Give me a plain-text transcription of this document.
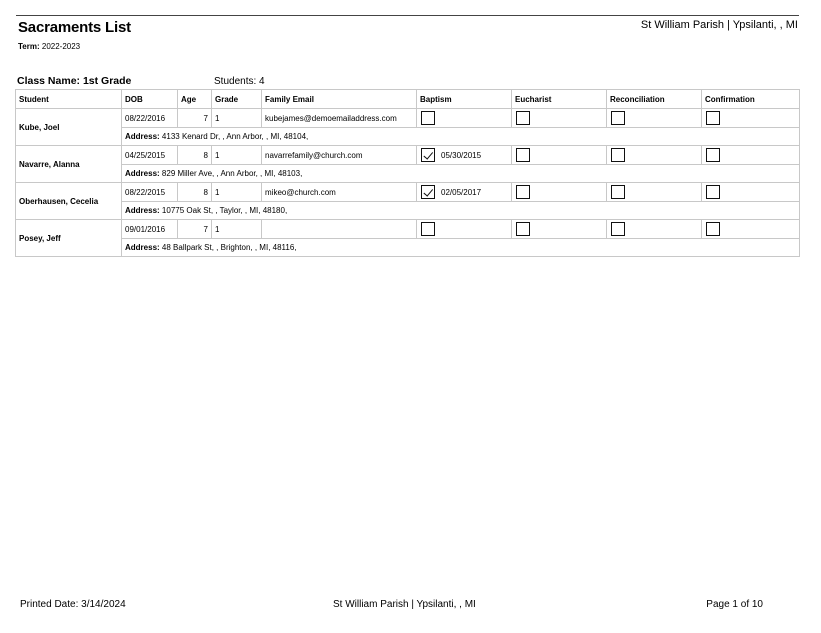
Sacraments List	St William Parish | Ypsilanti, , MI
Term: 2022-2023
Class Name: 1st Grade	Students: 4
Student	DOB	Age	Grade	Family Email	Baptism	Eucharist	Reconciliation	Confirmation
Kube, Joel	08/22/2016	7	1	kubejames@demoemailaddress.com				
	Address: 4133 Kenard Dr, , Ann Arbor, , MI, 48104,							
Navarre, Alanna	04/25/2015	8	1	navarrefamily@church.com	05/30/2015			
	Address: 829 Miller Ave, , Ann Arbor, , MI, 48103,							
Oberhausen, Cecelia	08/22/2015	8	1	mikeo@church.com	02/05/2017			
	Address: 10775 Oak St, , Taylor, , MI, 48180,							
Posey, Jeff	09/01/2016	7	1					
	Address: 48 Ballpark St, , Brighton, , MI, 48116,							
Printed Date: 3/14/2024	St William Parish | Ypsilanti, , MI	Page 1 of 10
